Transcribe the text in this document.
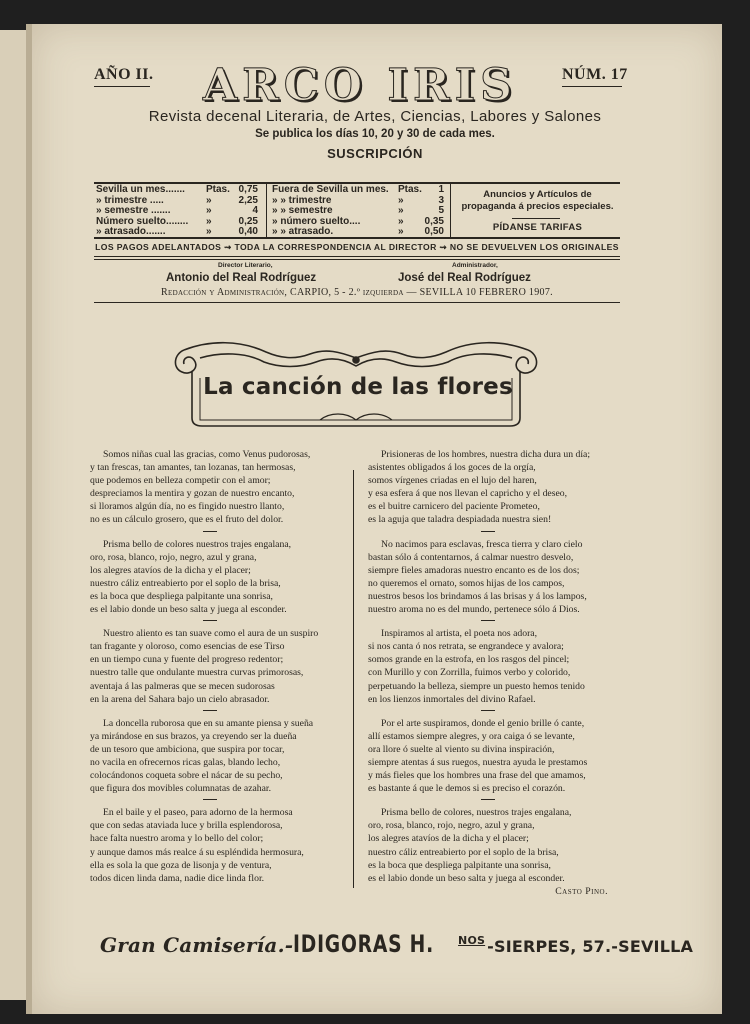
AÑO II.	NÚM. 17
ARCO IRIS
Revista decenal Literaria, de Artes, Ciencias, Labores y Salones
Se publica los días 10, 20 y 30 de cada mes.
SUSCRIPCIÓN
Sevilla un mes.......	Ptas. 0,75
» trimestre .....	»	2,25
» semestre .......	»	4
Número suelto........	»	0,25
» atrasado.......	»	0,40
Fuera de Sevilla un mes. Ptas.	1
» » trimestre	»	3
» » semestre	»	5
» número suelto....	»	0,35
» » atrasado.	»	0,50
Anuncios y Artículos de propaganda á precios especiales.
PÍDANSE TARIFAS
LOS PAGOS ADELANTADOS ⇝ TODA LA CORRESPONDENCIA AL DIRECTOR ⇝ NO SE DEVUELVEN LOS ORIGINALES
Director Literario,
Antonio del Real Rodríguez
Administrador,
José del Real Rodríguez
Redacción y Administración, CARPIO, 5 - 2.º izquierda — SEVILLA 10 FEBRERO 1907.
La canción de las flores
Somos niñas cual las gracias, como Venus pudorosas,
y tan frescas, tan amantes, tan lozanas, tan hermosas,
que podemos en belleza competir con el amor;
despreciamos la mentira y gozan de nuestro encanto,
si lloramos algún día, no es fingido nuestro llanto,
no es un cálculo grosero, que es el fruto del dolor.
Prisma bello de colores nuestros trajes engalana,
oro, rosa, blanco, rojo, negro, azul y grana,
los alegres atavíos de la dicha y el placer;
nuestro cáliz entreabierto por el soplo de la brisa,
es la boca que despliega palpitante una sonrisa,
es el labio donde un beso salta y juega al esconder.
Nuestro aliento es tan suave como el aura de un suspiro
tan fragante y oloroso, como esencias de ese Tirso
en un tiempo cuna y fuente del progreso redentor;
nuestro talle que ondulante muestra curvas primorosas,
aventaja á las palmeras que se mecen sudorosas
en la arena del Sahara bajo un cielo abrasador.
La doncella ruborosa que en su amante piensa y sueña
ya mirándose en sus brazos, ya creyendo ser la dueña
de un tesoro que ambiciona, que suspira por tocar,
no vacila en ofrecernos ricas galas, blando lecho,
colocándonos coqueta sobre el nácar de su pecho,
que figura dos movibles columnatas de azahar.
En el baile y el paseo, para adorno de la hermosa
que con sedas ataviada luce y brilla esplendorosa,
hace falta nuestro aroma y lo bello del color;
y aunque damos más realce á su espléndida hermosura,
ella es sola la que goza de lisonja y de ventura,
todos dicen linda dama, nadie dice linda flor.
Prisioneras de los hombres, nuestra dicha dura un día;
asistentes obligados á los goces de la orgía,
somos vírgenes criadas en el lujo del haren,
y esa esfera á que nos llevan el capricho y el deseo,
es el buitre carnicero del paciente Prometeo,
es la aguja que taladra despiadada nuestra sien!
No nacimos para esclavas, fresca tierra y claro cielo
bastan sólo á contentarnos, á calmar nuestro desvelo,
siempre fieles amadoras nuestro encanto es de los dos;
no queremos el ornato, somos hijas de los campos,
nuestros besos los brindamos á las brisas y á los lampos,
nuestro aroma no es del mundo, pertenece sólo á Dios.
Inspiramos al artista, el poeta nos adora,
si nos canta ó nos retrata, se engrandece y avalora;
somos grande en la estrofa, en los rasgos del pincel;
con Murillo y con Zorrilla, fuimos verbo y colorido,
perpetuando la belleza, siempre un puesto hemos tenido
en los lienzos inmortales del divino Rafael.
Por el arte suspiramos, donde el genio brille ó cante,
allí estamos siempre alegres, y ora caiga ó se levante,
ora llore ó suelte al viento su divina inspiración,
siempre atentas á sus ruegos, nuestra ayuda le prestamos
y más fieles que los hombres una frase del que amamos,
es bastante á que le demos si es preciso el corazón.
Prisma bello de colores, nuestros trajes engalana,
oro, rosa, blanco, rojo, negro, azul y grana,
los alegres atavíos de la dicha y el placer;
nuestro cáliz entreabierto por el soplo de la brisa,
es la boca que despliega palpitante una sonrisa,
es el labio donde un beso salta y juega al esconder.
Casto Pino.
Gran Camisería.-IDIGORAS H. $^{NOS}$ -SIERPES, 57.-SEVILLA
